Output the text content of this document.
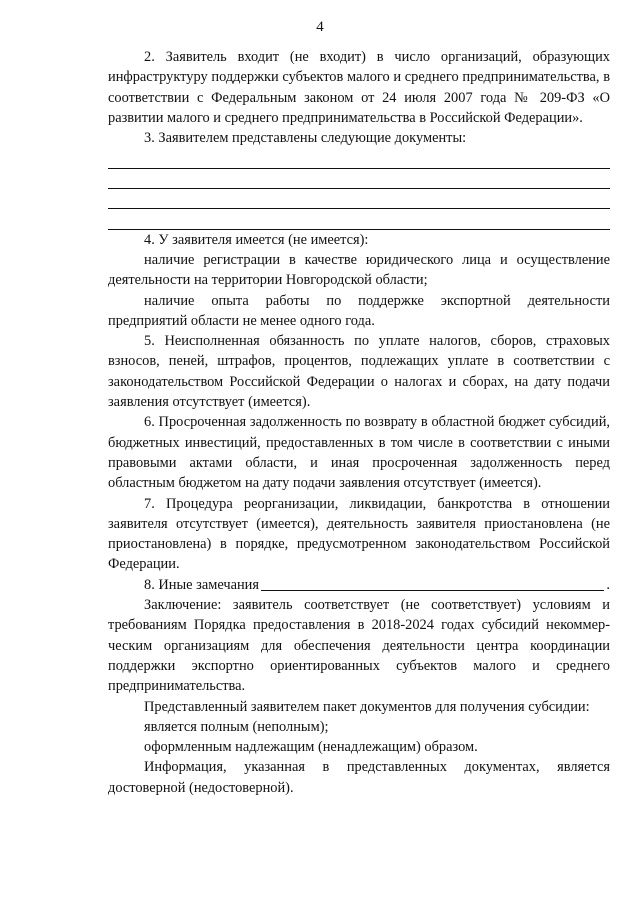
4

2. Заявитель входит (не входит) в число организаций, образующих инфраструктуру поддержки субъектов малого и среднего предпринимательства, в соответствии с Федеральным законом от 24 июля 2007 года № 209-ФЗ «О развитии малого и среднего предпринимательства в Российской Федерации».

3. Заявителем представлены следующие документы:

4. У заявителя имеется (не имеется):

наличие регистрации в качестве юридического лица и осуществление деятельности на территории Новгородской области;

наличие опыта работы по поддержке экспортной деятельности предприятий области не менее одного года.

5. Неисполненная обязанность по уплате налогов, сборов, страховых взносов, пеней, штрафов, процентов, подлежащих уплате в соответствии с законодательством Российской Федерации о налогах и сборах, на дату подачи заявления отсутствует (имеется).

6. Просроченная задолженность по возврату в областной бюджет субсидий, бюджетных инвестиций, предоставленных в том числе в соответствии с иными правовыми актами области, и иная просроченная задолженность перед областным бюджетом на дату подачи заявления отсутствует (имеется).

7. Процедура реорганизации, ликвидации, банкротства в отношении заявителя отсутствует (имеется), деятельность заявителя приостановлена (не приостановлена) в порядке, предусмотренном законодательством Российской Федерации.

8. Иные замечания	.

Заключение: заявитель соответствует (не соответствует) условиям и требованиям Порядка предоставления в 2018-2024 годах субсидий некоммер- ческим организациям для обеспечения деятельности центра координации поддержки экспортно ориентированных субъектов малого и среднего предпринимательства.

Представленный заявителем пакет документов для получения субсидии:

является полным (неполным);

оформленным надлежащим (ненадлежащим) образом.

Информация, указанная в представленных документах, является достоверной (недостоверной).
